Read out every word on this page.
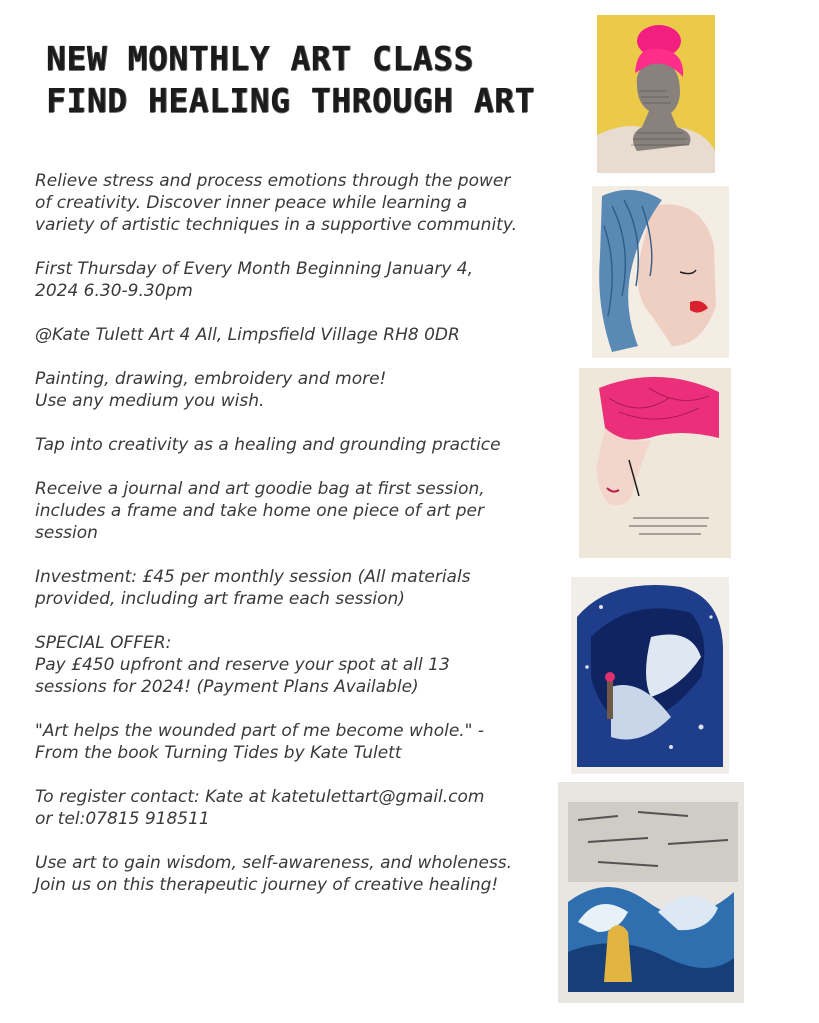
NEW MONTHLY ART CLASS
FIND HEALING THROUGH ART

Relieve stress and process emotions through the power
of creativity. Discover inner peace while learning a
variety of artistic techniques in a supportive community.

First Thursday of Every Month Beginning January 4,
2024 6.30-9.30pm

@Kate Tulett Art 4 All, Limpsfield Village RH8 0DR

Painting, drawing, embroidery and more!
Use any medium you wish.

Tap into creativity as a healing and grounding practice

Receive a journal and art goodie bag at first session,
includes a frame and take home one piece of art per
session

Investment: £45 per monthly session (All materials
provided, including art frame each session)

SPECIAL OFFER:
Pay £450 upfront and reserve your spot at all 13
sessions for 2024! (Payment Plans Available)

"Art helps the wounded part of me become whole." -
From the book Turning Tides by Kate Tulett

To register contact: Kate at katetulettart@gmail.com
or tel:07815 918511

Use art to gain wisdom, self-awareness, and wholeness.
Join us on this therapeutic journey of creative healing!
